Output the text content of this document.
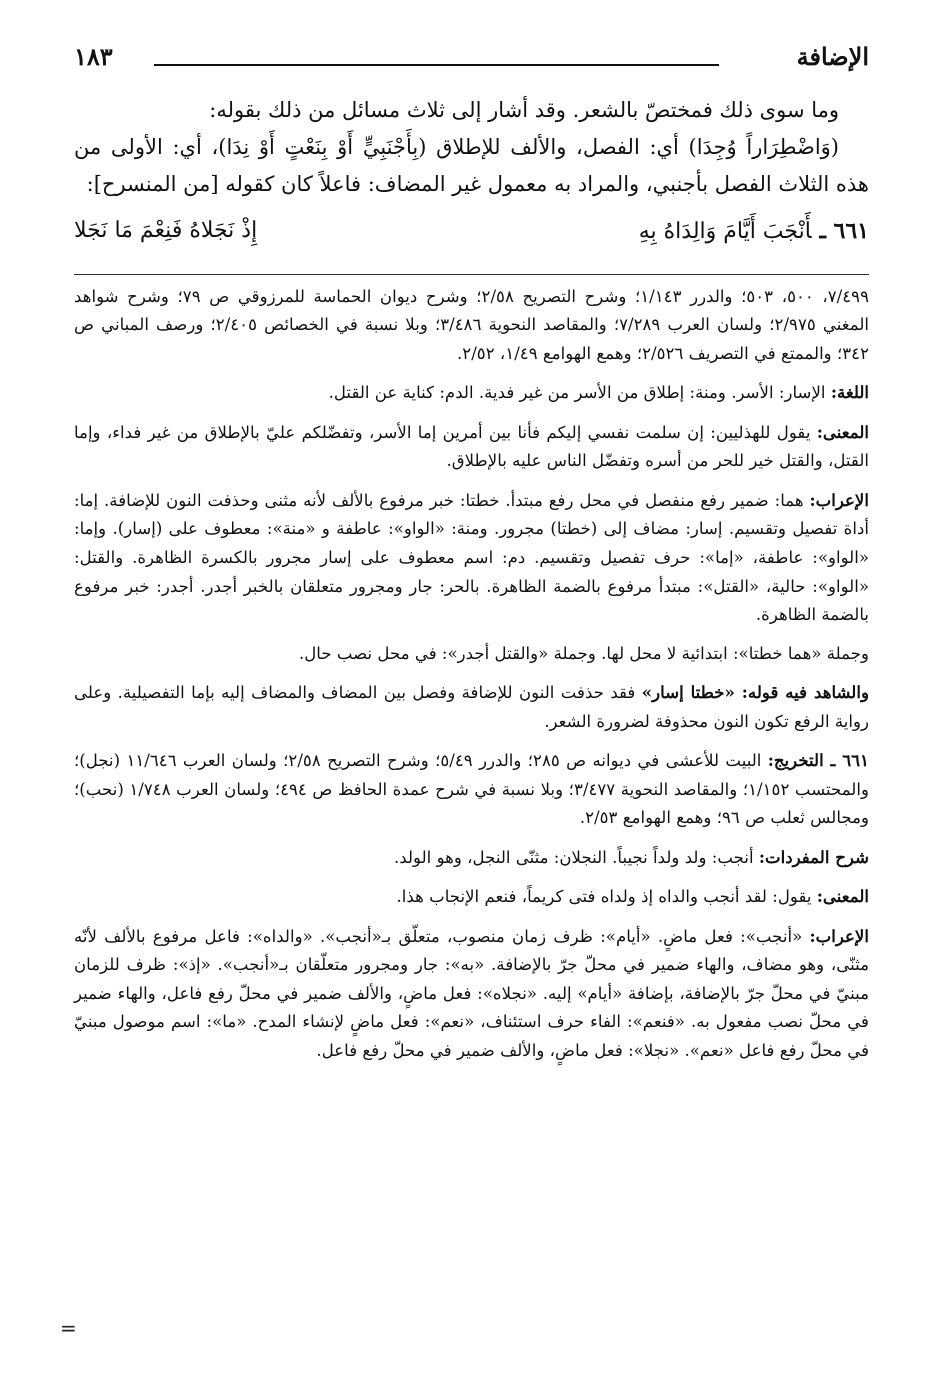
الإضافة
١٨٣

وما سوى ذلك فمختصّ بالشعر. وقد أشار إلى ثلاث مسائل من ذلك بقوله:

(وَاضْطِرَاراً وُجِدَا) أي: الفصل، والألف للإطلاق (بِأَجْنَبِيٍّ أَوْ بِنَعْتٍ أَوْ نِدَا)، أي: الأولى من هذه الثلاث الفصل بأجنبي، والمراد به معمول غير المضاف: فاعلاً كان كقوله [من المنسرح]:

٦٦١ ـأَنْجَبَ أَيَّامَ وَالِدَاهُ بِهِ
إِذْ نَجَلاهُ فَنِعْمَ مَا نَجَلا

٧/٤٩٩، ٥٠٠، ٥٠٣؛ والدرر ١/١٤٣؛ وشرح التصريح ٢/٥٨؛ وشرح ديوان الحماسة للمرزوقي ص ٧٩؛ وشرح شواهد المغني ٢/٩٧٥؛ ولسان العرب ٧/٢٨٩؛ والمقاصد النحوية ٣/٤٨٦؛ وبلا نسبة في الخصائص ٢/٤٠٥؛ ورصف المباني ص ٣٤٢؛ والممتع في التصريف ٢/٥٢٦؛ وهمع الهوامع ١/٤٩، ٢/٥٢.

اللغة: الإسار: الأسر. ومنة: إطلاق من الأسر من غير فدية. الدم: كناية عن القتل.

المعنى: يقول للهذليين: إن سلمت نفسي إليكم فأنا بين أمرين إما الأسر، وتفضّلكم عليّ بالإطلاق من غير فداء، وإما القتل، والقتل خير للحر من أسره وتفضّل الناس عليه بالإطلاق.

الإعراب: هما: ضمير رفع منفصل في محل رفع مبتدأ. خطتا: خبر مرفوع بالألف لأنه مثنى وحذفت النون للإضافة. إما: أداة تفصيل وتقسيم. إسار: مضاف إلى (خطتا) مجرور. ومنة: «الواو»: عاطفة و «منة»: معطوف على (إسار). وإما: «الواو»: عاطفة، «إما»: حرف تفصيل وتقسيم. دم: اسم معطوف على إسار مجرور بالكسرة الظاهرة. والقتل: «الواو»: حالية، «القتل»: مبتدأ مرفوع بالضمة الظاهرة. بالحر: جار ومجرور متعلقان بالخبر أجدر. أجدر: خبر مرفوع بالضمة الظاهرة.

وجملة «هما خطتا»: ابتدائية لا محل لها. وجملة «والقتل أجدر»: في محل نصب حال.

والشاهد فيه قوله: «خطتا إسار» فقد حذفت النون للإضافة وفصل بين المضاف والمضاف إليه بإما التفصيلية. وعلى رواية الرفع تكون النون محذوفة لضرورة الشعر.

٦٦١ ـ التخريج: البيت للأعشى في ديوانه ص ٢٨٥؛ والدرر ٥/٤٩؛ وشرح التصريح ٢/٥٨؛ ولسان العرب ١١/٦٤٦ (نجل)؛ والمحتسب ١/١٥٢؛ والمقاصد النحوية ٣/٤٧٧؛ وبلا نسبة في شرح عمدة الحافظ ص ٤٩٤؛ ولسان العرب ١/٧٤٨ (نحب)؛ ومجالس ثعلب ص ٩٦؛ وهمع الهوامع ٢/٥٣.

شرح المفردات: أنجب: ولد ولداً نجيباً. النجلان: مثنّى النجل، وهو الولد.

المعنى: يقول: لقد أنجب والداه إذ ولداه فتى كريماً، فنعم الإنجاب هذا.

الإعراب: «أنجب»: فعل ماضٍ. «أيام»: ظرف زمان منصوب، متعلّق بـ«أنجب». «والداه»: فاعل مرفوع بالألف لأنّه مثنّى، وهو مضاف، والهاء ضمير في محلّ جرّ بالإضافة. «به»: جار ومجرور متعلّقان بـ«أنجب». «إذ»: ظرف للزمان مبنيّ في محلّ جرّ بالإضافة، بإضافة «أيام» إليه. «نجلاه»: فعل ماضٍ، والألف ضمير في محلّ رفع فاعل، والهاء ضمير في محلّ نصب مفعول به. «فنعم»: الفاء حرف استئناف، «نعم»: فعل ماضٍ لإنشاء المدح. «ما»: اسم موصول مبنيّ في محلّ رفع فاعل «نعم». «نجلا»: فعل ماضٍ، والألف ضمير في محلّ رفع فاعل.

=
